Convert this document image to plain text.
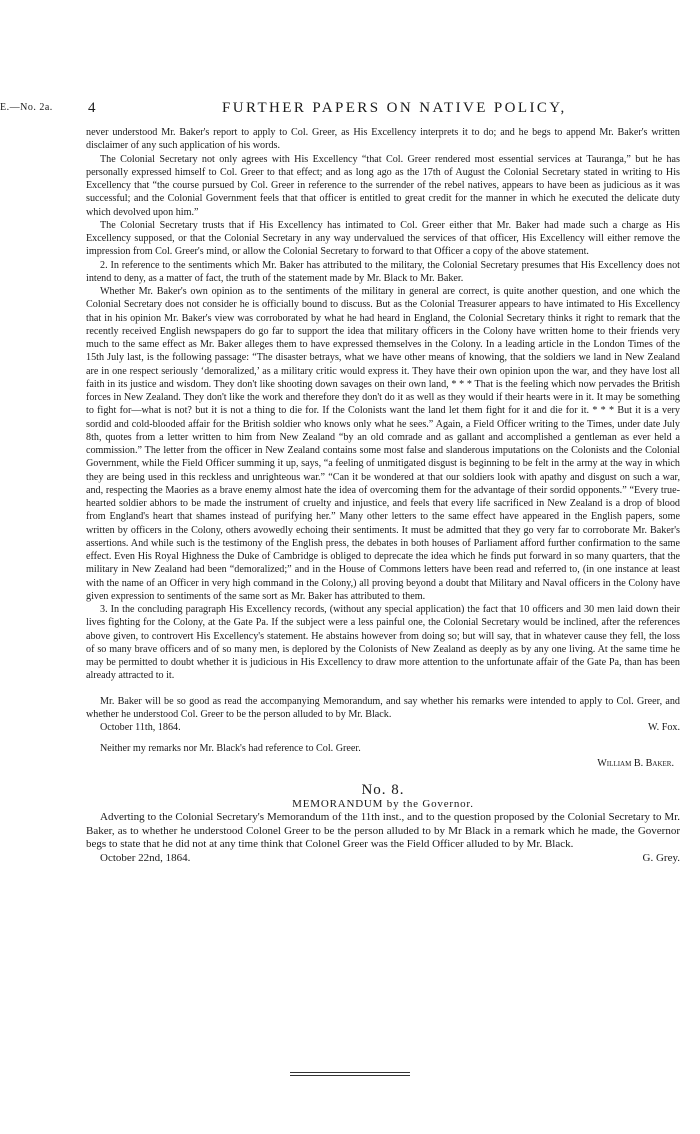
E.—No. 2a. 4	FURTHER PAPERS ON NATIVE POLICY,

never understood Mr. Baker's report to apply to Col. Greer, as His Excellency interprets it to do; and he begs to append Mr. Baker's written disclaimer of any such application of his words.

The Colonial Secretary not only agrees with His Excellency “that Col. Greer rendered most essential services at Tauranga,” but he has personally expressed himself to Col. Greer to that effect; and as long ago as the 17th of August the Colonial Secretary stated in writing to His Excellency that “the course pursued by Col. Greer in reference to the surrender of the rebel natives, appears to have been as judicious as it was successful; and the Colonial Government feels that that officer is entitled to great credit for the manner in which he executed the delicate duty which devolved upon him.”

The Colonial Secretary trusts that if His Excellency has intimated to Col. Greer either that Mr. Baker had made such a charge as His Excellency supposed, or that the Colonial Secretary in any way undervalued the services of that officer, His Excellency will either remove the impression from Col. Greer's mind, or allow the Colonial Secretary to forward to that Officer a copy of the above statement.

2. In reference to the sentiments which Mr. Baker has attributed to the military, the Colonial Secretary presumes that His Excellency does not intend to deny, as a matter of fact, the truth of the statement made by Mr. Black to Mr. Baker.

Whether Mr. Baker's own opinion as to the sentiments of the military in general are correct, is quite another question, and one which the Colonial Secretary does not consider he is officially bound to discuss. But as the Colonial Treasurer appears to have intimated to His Excellency that in his opinion Mr. Baker's view was corroborated by what he had heard in England, the Colonial Secretary thinks it right to remark that the recently received English newspapers do go far to support the idea that military officers in the Colony have written home to their friends very much to the same effect as Mr. Baker alleges them to have expressed themselves in the Colony. In a leading article in the London Times of the 15th July last, is the following passage: “The disaster betrays, what we have other means of knowing, that the soldiers we land in New Zealand are in one respect seriously ‘demoralized,’ as a military critic would express it. They have their own opinion upon the war, and they have lost all faith in its justice and wisdom. They don't like shooting down savages on their own land, * * * That is the feeling which now pervades the British forces in New Zealand. They don't like the work and therefore they don't do it as well as they would if their hearts were in it. It may be something to fight for—what is not? but it is not a thing to die for. If the Colonists want the land let them fight for it and die for it. * * * But it is a very sordid and cold-blooded affair for the British soldier who knows only what he sees.” Again, a Field Officer writing to the Times, under date July 8th, quotes from a letter written to him from New Zealand “by an old comrade and as gallant and accomplished a gentleman as ever held a commission.” The letter from the officer in New Zealand contains some most false and slanderous imputations on the Colonists and the Colonial Government, while the Field Officer summing it up, says, “a feeling of unmitigated disgust is beginning to be felt in the army at the way in which they are being used in this reckless and unrighteous war.” “Can it be wondered at that our soldiers look with apathy and disgust on such a war, and, respecting the Maories as a brave enemy almost hate the idea of overcoming them for the advantage of their sordid opponents.” “Every true-hearted soldier abhors to be made the instrument of cruelty and injustice, and feels that every life sacrificed in New Zealand is a drop of blood from England's heart that shames instead of purifying her.” Many other letters to the same effect have appeared in the English papers, some written by officers in the Colony, others avowedly echoing their sentiments. It must be admitted that they go very far to corroborate Mr. Baker's assertions. And while such is the testimony of the English press, the debates in both houses of Parliament afford further confirmation to the same effect. Even His Royal Highness the Duke of Cambridge is obliged to deprecate the idea which he finds put forward in so many quarters, that the military in New Zealand had been “demoralized;” and in the House of Commons letters have been read and referred to, (in one instance at least with the name of an Officer in very high command in the Colony,) all proving beyond a doubt that Military and Naval officers in the Colony have given expression to sentiments of the same sort as Mr. Baker has attributed to them.

3. In the concluding paragraph His Excellency records, (without any special application) the fact that 10 officers and 30 men laid down their lives fighting for the Colony, at the Gate Pa. If the subject were a less painful one, the Colonial Secretary would be inclined, after the references above given, to controvert His Excellency's statement. He abstains however from doing so; but will say, that in whatever cause they fell, the loss of so many brave officers and of so many men, is deplored by the Colonists of New Zealand as deeply as by any one living. At the same time he may be permitted to doubt whether it is judicious in His Excellency to draw more attention to the unfortunate affair of the Gate Pa, than has been already attracted to it.

Mr. Baker will be so good as read the accompanying Memorandum, and say whether his remarks were intended to apply to Col. Greer, and whether he understood Col. Greer to be the person alluded to by Mr. Black.

October 11th, 1864.	W. Fox.

Neither my remarks nor Mr. Black's had reference to Col. Greer.

William B. Baker.
No. 8.
MEMORANDUM by the Governor.

Adverting to the Colonial Secretary's Memorandum of the 11th inst., and to the question proposed by the Colonial Secretary to Mr. Baker, as to whether he understood Colonel Greer to be the person alluded to by Mr Black in a remark which he made, the Governor begs to state that he did not at any time think that Colonel Greer was the Field Officer alluded to by Mr. Black.

October 22nd, 1864.	G. Grey.
